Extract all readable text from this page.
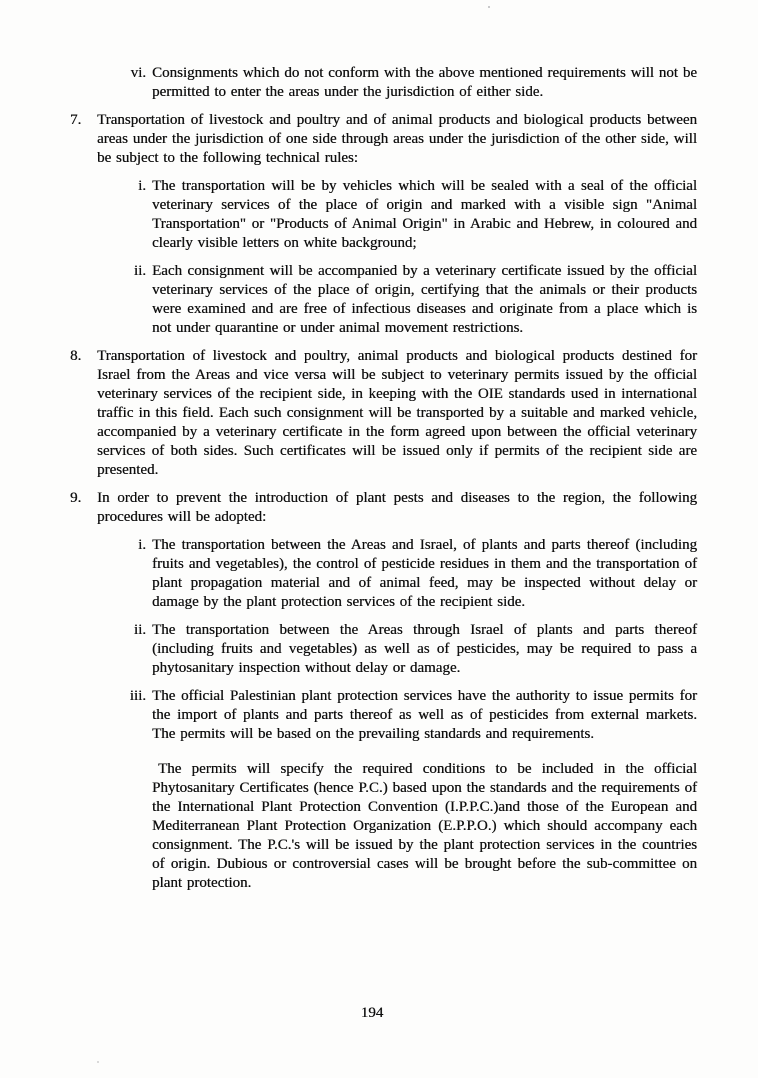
vi. Consignments which do not conform with the above mentioned requirements will not be permitted to enter the areas under the jurisdiction of either side.

7.	Transportation of livestock and poultry and of animal products and biological products between areas under the jurisdiction of one side through areas under the jurisdiction of the other side, will be subject to the following technical rules:

i. The transportation will be by vehicles which will be sealed with a seal of the official veterinary services of the place of origin and marked with a visible sign "Animal Transportation" or "Products of Animal Origin" in Arabic and Hebrew, in coloured and clearly visible letters on white background;

ii. Each consignment will be accompanied by a veterinary certificate issued by the official veterinary services of the place of origin, certifying that the animals or their products were examined and are free of infectious diseases and originate from a place which is not under quarantine or under animal movement restrictions.

8.	Transportation of livestock and poultry, animal products and biological products destined for Israel from the Areas and vice versa will be subject to veterinary permits issued by the official veterinary services of the recipient side, in keeping with the OIE standards used in international traffic in this field. Each such consignment will be transported by a suitable and marked vehicle, accompanied by a veterinary certificate in the form agreed upon between the official veterinary services of both sides. Such certificates will be issued only if permits of the recipient side are presented.

9.	In order to prevent the introduction of plant pests and diseases to the region, the following procedures will be adopted:

i. The transportation between the Areas and Israel, of plants and parts thereof (including fruits and vegetables), the control of pesticide residues in them and the transportation of plant propagation material and of animal feed, may be inspected without delay or damage by the plant protection services of the recipient side.

ii. The transportation between the Areas through Israel of plants and parts thereof (including fruits and vegetables) as well as of pesticides, may be required to pass a phytosanitary inspection without delay or damage.

iii. The official Palestinian plant protection services have the authority to issue permits for the import of plants and parts thereof as well as of pesticides from external markets. The permits will be based on the prevailing standards and requirements.

The permits will specify the required conditions to be included in the official Phytosanitary Certificates (hence P.C.) based upon the standards and the requirements of the International Plant Protection Convention (I.P.P.C.)and those of the European and Mediterranean Plant Protection Organization (E.P.P.O.) which should accompany each consignment. The P.C.'s will be issued by the plant protection services in the countries of origin. Dubious or controversial cases will be brought before the sub-committee on plant protection.

194
